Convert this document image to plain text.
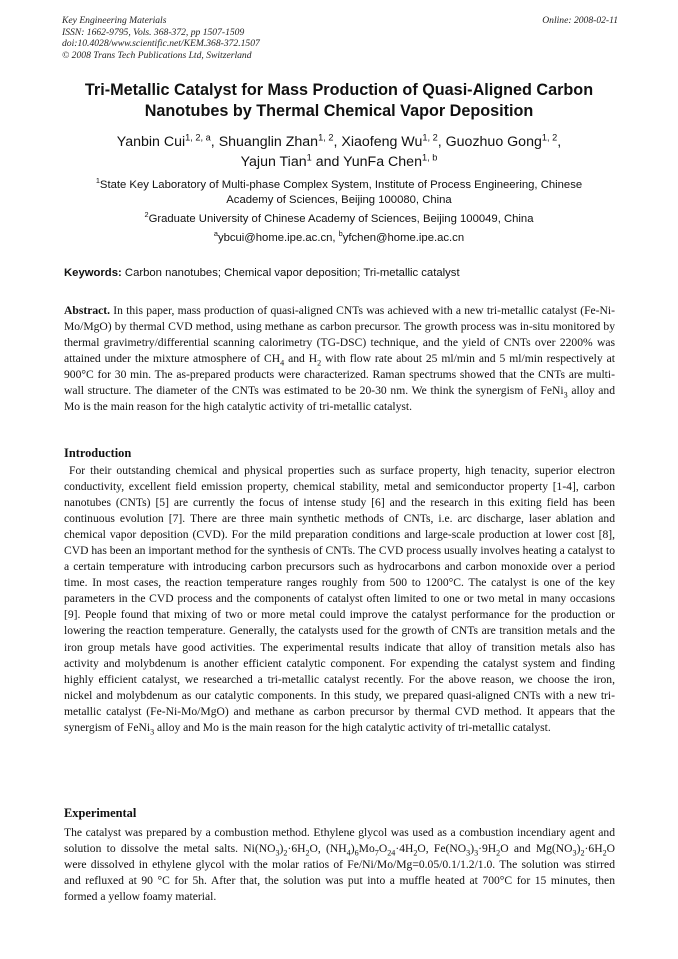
Key Engineering Materials
ISSN: 1662-9795, Vols. 368-372, pp 1507-1509
doi:10.4028/www.scientific.net/KEM.368-372.1507
© 2008 Trans Tech Publications Ltd, Switzerland
Online: 2008-02-11
Tri-Metallic Catalyst for Mass Production of Quasi-Aligned Carbon
Nanotubes by Thermal Chemical Vapor Deposition
Yanbin Cui$^{1, 2, a}$, Shuanglin Zhan$^{1, 2}$, Xiaofeng Wu$^{1, 2}$, Guozhuo Gong$^{1, 2}$,
Yajun Tian$^1$ and YunFa Chen$^{1, b}$
$^1$State Key Laboratory of Multi-phase Complex System, Institute of Process Engineering, Chinese
Academy of Sciences, Beijing 100080, China
$^2$Graduate University of Chinese Academy of Sciences, Beijing 100049, China
$^a$ybcui@home.ipe.ac.cn, $^b$yfchen@home.ipe.ac.cn
Keywords: Carbon nanotubes; Chemical vapor deposition; Tri-metallic catalyst
Abstract. In this paper, mass production of quasi-aligned CNTs was achieved with a new tri-metallic catalyst (Fe-Ni-Mo/MgO) by thermal CVD method, using methane as carbon precursor. The growth process was in-situ monitored by thermal gravimetry/differential scanning calorimetry (TG-DSC) technique, and the yield of CNTs over 2200% was attained under the mixture atmosphere of $CH_4$ and $H_2$ with flow rate about 25 ml/min and 5 ml/min respectively at 900°C for 30 min. The as-prepared products were characterized. Raman spectrums showed that the CNTs are multi-wall structure. The diameter of the CNTs was estimated to be 20-30 nm. We think the synergism of FeNi$_3$ alloy and Mo is the main reason for the high catalytic activity of tri-metallic catalyst.
Introduction
For their outstanding chemical and physical properties such as surface property, high tenacity, superior electron conductivity, excellent field emission property, chemical stability, metal and semiconductor property [1-4], carbon nanotubes (CNTs) [5] are currently the focus of intense study [6] and the research in this exiting field has been continuous evolution [7]. There are three main synthetic methods of CNTs, i.e. arc discharge, laser ablation and chemical vapor deposition (CVD). For the mild preparation conditions and large-scale production at lower cost [8], CVD has been an important method for the synthesis of CNTs. The CVD process usually involves heating a catalyst to a certain temperature with introducing carbon precursors such as hydrocarbons and carbon monoxide over a period time. In most cases, the reaction temperature ranges roughly from 500 to 1200°C. The catalyst is one of the key parameters in the CVD process and the components of catalyst often limited to one or two metal in many occasions [9]. People found that mixing of two or more metal could improve the catalyst performance for the production or lowering the reaction temperature. Generally, the catalysts used for the growth of CNTs are transition metals and the iron group metals have good activities. The experimental results indicate that alloy of transition metals also has activity and molybdenum is another efficient catalytic component. For expending the catalyst system and finding highly efficient catalyst, we researched a tri-metallic catalyst recently. For the above reason, we choose the iron, nickel and molybdenum as our catalytic components. In this study, we prepared quasi-aligned CNTs with a new tri-metallic catalyst (Fe-Ni-Mo/MgO) and methane as carbon precursor by thermal CVD method. It appears that the synergism of FeNi$_3$ alloy and Mo is the main reason for the high catalytic activity of tri-metallic catalyst.
Experimental
The catalyst was prepared by a combustion method. Ethylene glycol was used as a combustion incendiary agent and solution to dissolve the metal salts. $Ni(NO_3)_2\cdot 6H_2O$, $(NH_4)_6Mo_7O_{24}\cdot 4H_2O$, $Fe(NO_3)_3\cdot 9H_2O$ and $Mg(NO_3)_2\cdot 6H_2O$ were dissolved in ethylene glycol with the molar ratios of Fe/Ni/Mo/Mg=0.05/0.1/1.2/1.0. The solution was stirred and refluxed at 90 °C for 5h. After that, the solution was put into a muffle heated at 700°C for 15 minutes, then formed a yellow foamy material.
